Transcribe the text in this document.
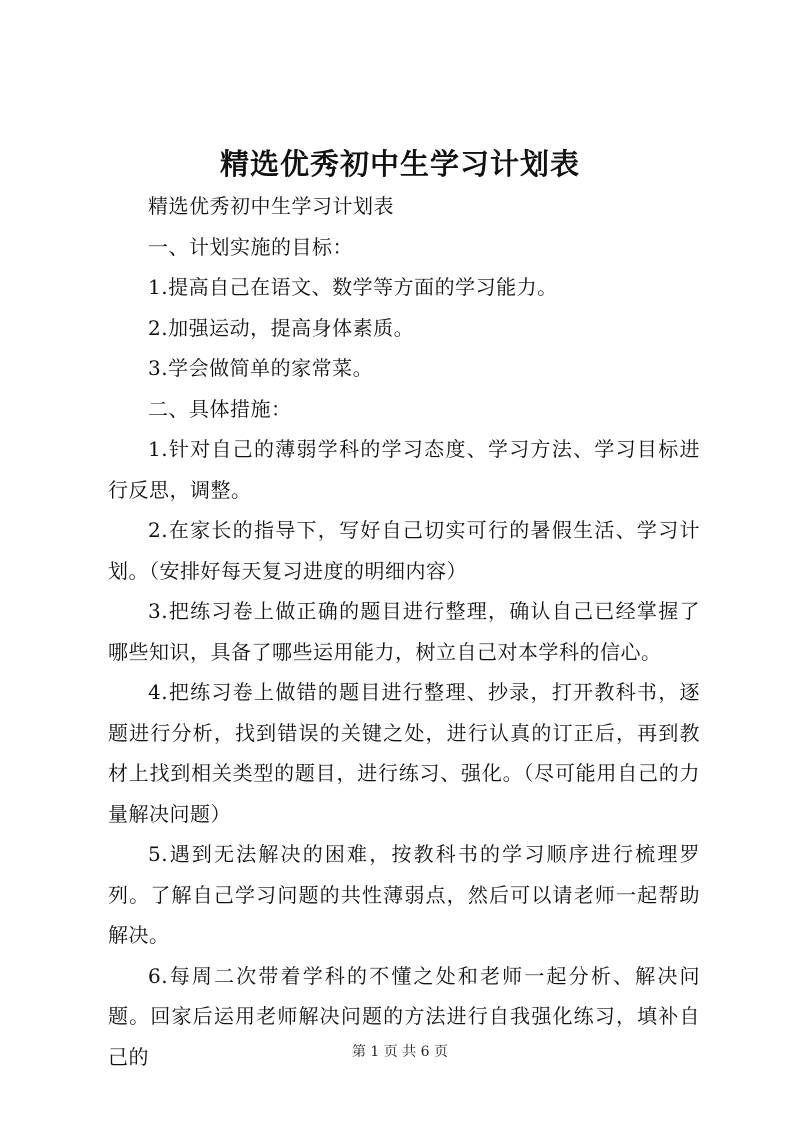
精选优秀初中生学习计划表

精选优秀初中生学习计划表

一、计划实施的目标：

1.提高自己在语文、数学等方面的学习能力。

2.加强运动，提高身体素质。

3.学会做简单的家常菜。

二、具体措施：

1.针对自己的薄弱学科的学习态度、学习方法、学习目标进行反思，调整。

2.在家长的指导下，写好自己切实可行的暑假生活、学习计划。（安排好每天复习进度的明细内容）

3.把练习卷上做正确的题目进行整理，确认自己已经掌握了哪些知识，具备了哪些运用能力，树立自己对本学科的信心。

4.把练习卷上做错的题目进行整理、抄录，打开教科书，逐题进行分析，找到错误的关键之处，进行认真的订正后，再到教材上找到相关类型的题目，进行练习、强化。（尽可能用自己的力量解决问题）

5.遇到无法解决的困难，按教科书的学习顺序进行梳理罗列。了解自己学习问题的共性薄弱点，然后可以请老师一起帮助解决。

6.每周二次带着学科的不懂之处和老师一起分析、解决问题。回家后运用老师解决问题的方法进行自我强化练习，填补自己的	第 1 页 共 6 页
